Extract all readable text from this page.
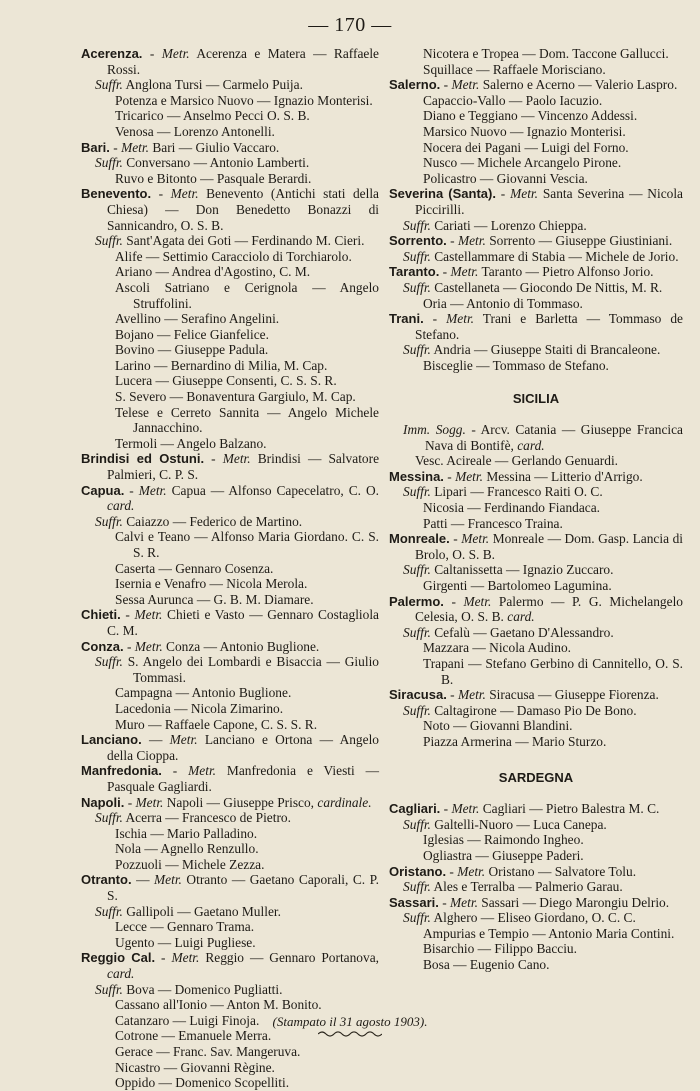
— 170 —

Acerenza. - Metr. Acerenza e Matera — Raffaele Rossi.

Suffr. Anglona Tursi — Carmelo Puija.

Potenza e Marsico Nuovo — Ignazio Monterisi.

Tricarico — Anselmo Pecci O. S. B.

Venosa — Lorenzo Antonelli.

Bari. - Metr. Bari — Giulio Vaccaro.

Suffr. Conversano — Antonio Lamberti.

Ruvo e Bitonto — Pasquale Berardi.

Benevento. - Metr. Benevento (Antichi stati della Chiesa) — Don Benedetto Bonazzi di Sannicandro, O. S. B.

Suffr. Sant'Agata dei Goti — Ferdinando M. Cieri.

Alife — Settimio Caracciolo di Torchiarolo.

Ariano — Andrea d'Agostino, C. M.

Ascoli Satriano e Cerignola — Angelo Struffolini.

Avellino — Serafino Angelini.

Bojano — Felice Gianfelice.

Bovino — Giuseppe Padula.

Larino — Bernardino di Milia, M. Cap.

Lucera — Giuseppe Consenti, C. S. S. R.

S. Severo — Bonaventura Gargiulo, M. Cap.

Telese e Cerreto Sannita — Angelo Michele Jannacchino.

Termoli — Angelo Balzano.

Brindisi ed Ostuni. - Metr. Brindisi — Salvatore Palmieri, C. P. S.

Capua. - Metr. Capua — Alfonso Capecelatro, C. O. card.

Suffr. Caiazzo — Federico de Martino.

Calvi e Teano — Alfonso Maria Giordano. C. S. S. R.

Caserta — Gennaro Cosenza.

Isernia e Venafro — Nicola Merola.

Sessa Aurunca — G. B. M. Diamare.

Chieti. - Metr. Chieti e Vasto — Gennaro Costagliola C. M.

Conza. - Metr. Conza — Antonio Buglione.

Suffr. S. Angelo dei Lombardi e Bisaccia — Giulio Tommasi.

Campagna — Antonio Buglione.

Lacedonia — Nicola Zimarino.

Muro — Raffaele Capone, C. S. S. R.

Lanciano. — Metr. Lanciano e Ortona — Angelo della Cioppa.

Manfredonia. - Metr. Manfredonia e Viesti — Pasquale Gagliardi.

Napoli. - Metr. Napoli — Giuseppe Prisco, cardinale.

Suffr. Acerra — Francesco de Pietro.

Ischia — Mario Palladino.

Nola — Agnello Renzullo.

Pozzuoli — Michele Zezza.

Otranto. — Metr. Otranto — Gaetano Caporali, C. P. S.

Suffr. Gallipoli — Gaetano Muller.

Lecce — Gennaro Trama.

Ugento — Luigi Pugliese.

Reggio Cal. - Metr. Reggio — Gennaro Portanova, card.

Suffr. Bova — Domenico Pugliatti.

Cassano all'Ionio — Anton M. Bonito.

Catanzaro — Luigi Finoja.

Cotrone — Emanuele Merra.

Gerace — Franc. Sav. Mangeruva.

Nicastro — Giovanni Règine.

Oppido — Domenico Scopelliti.

Nicotera e Tropea — Dom. Taccone Gallucci.

Squillace — Raffaele Morisciano.

Salerno. - Metr. Salerno e Acerno — Valerio Laspro.

Capaccio-Vallo — Paolo Iacuzio.

Diano e Teggiano — Vincenzo Addessi.

Marsico Nuovo — Ignazio Monterisi.

Nocera dei Pagani — Luigi del Forno.

Nusco — Michele Arcangelo Pirone.

Policastro — Giovanni Vescia.

Severina (Santa). - Metr. Santa Severina — Nicola Piccirilli.

Suffr. Cariati — Lorenzo Chieppa.

Sorrento. - Metr. Sorrento — Giuseppe Giustiniani.

Suffr. Castellammare di Stabia — Michele de Jorio.

Taranto. - Metr. Taranto — Pietro Alfonso Jorio.

Suffr. Castellaneta — Giocondo De Nittis, M. R.

Oria — Antonio di Tommaso.

Trani. - Metr. Trani e Barletta — Tommaso de Stefano.

Suffr. Andria — Giuseppe Staiti di Brancaleone.

Bisceglie — Tommaso de Stefano.

SICILIA

Imm. Sogg. - Arcv. Catania — Giuseppe Francica Nava di Bontifè, card.

Vesc. Acireale — Gerlando Genuardi.

Messina. - Metr. Messina — Litterio d'Arrigo.

Suffr. Lipari — Francesco Raiti O. C.

Nicosia — Ferdinando Fiandaca.

Patti — Francesco Traina.

Monreale. - Metr. Monreale — Dom. Gasp. Lancia di Brolo, O. S. B.

Suffr. Caltanissetta — Ignazio Zuccaro.

Girgenti — Bartolomeo Lagumina.

Palermo. - Metr. Palermo — P. G. Michelangelo Celesia, O. S. B. card.

Suffr. Cefalù — Gaetano D'Alessandro.

Mazzara — Nicola Audino.

Trapani — Stefano Gerbino di Cannitello, O. S. B.

Siracusa. - Metr. Siracusa — Giuseppe Fiorenza.

Suffr. Caltagirone — Damaso Pio De Bono.

Noto — Giovanni Blandini.

Piazza Armerina — Mario Sturzo.

SARDEGNA

Cagliari. - Metr. Cagliari — Pietro Balestra M. C.

Suffr. Galtelli-Nuoro — Luca Canepa.

Iglesias — Raimondo Ingheo.

Ogliastra — Giuseppe Paderi.

Oristano. - Metr. Oristano — Salvatore Tolu.

Suffr. Ales e Terralba — Palmerio Garau.

Sassari. - Metr. Sassari — Diego Marongiu Delrio.

Suffr. Alghero — Eliseo Giordano, O. C. C.

Ampurias e Tempio — Antonio Maria Contini.

Bisarchio — Filippo Bacciu.

Bosa — Eugenio Cano.

(Stampato il 31 agosto 1903).
